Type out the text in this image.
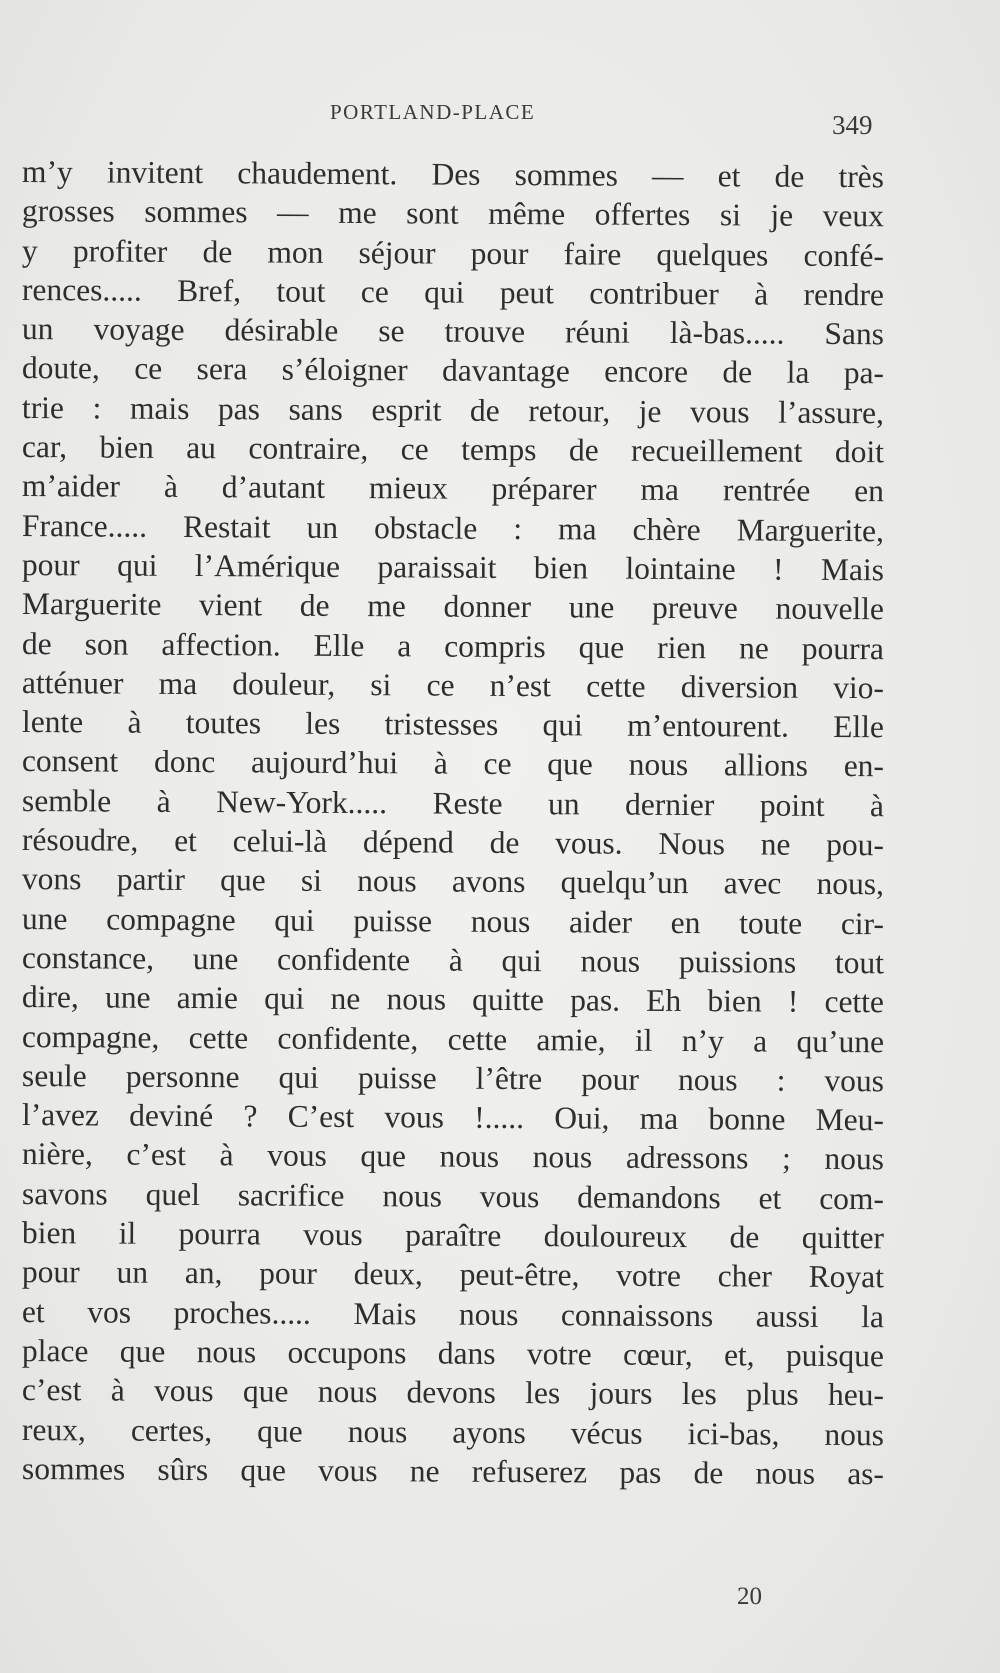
PORTLAND-PLACE	349
m’y invitent chaudement. Des sommes — et de très
grosses sommes — me sont même offertes si je veux
y profiter de mon séjour pour faire quelques confé-
rences..... Bref, tout ce qui peut contribuer à rendre
un voyage désirable se trouve réuni là-bas..... Sans
doute, ce sera s’éloigner davantage encore de la pa-
trie : mais pas sans esprit de retour, je vous l’assure,
car, bien au contraire, ce temps de recueillement doit
m’aider à d’autant mieux préparer ma rentrée en
France..... Restait un obstacle : ma chère Marguerite,
pour qui l’Amérique paraissait bien lointaine ! Mais
Marguerite vient de me donner une preuve nouvelle
de son affection. Elle a compris que rien ne pourra
atténuer ma douleur, si ce n’est cette diversion vio-
lente à toutes les tristesses qui m’entourent. Elle
consent donc aujourd’hui à ce que nous allions en-
semble à New-York..... Reste un dernier point à
résoudre, et celui-là dépend de vous. Nous ne pou-
vons partir que si nous avons quelqu’un avec nous,
une compagne qui puisse nous aider en toute cir-
constance, une confidente à qui nous puissions tout
dire, une amie qui ne nous quitte pas. Eh bien ! cette
compagne, cette confidente, cette amie, il n’y a qu’une
seule personne qui puisse l’être pour nous : vous
l’avez deviné ? C’est vous !..... Oui, ma bonne Meu-
nière, c’est à vous que nous nous adressons ; nous
savons quel sacrifice nous vous demandons et com-
bien il pourra vous paraître douloureux de quitter
pour un an, pour deux, peut-être, votre cher Royat
et vos proches..... Mais nous connaissons aussi la
place que nous occupons dans votre cœur, et, puisque
c’est à vous que nous devons les jours les plus heu-
reux, certes, que nous ayons vécus ici-bas, nous
sommes sûrs que vous ne refuserez pas de nous as-
20
